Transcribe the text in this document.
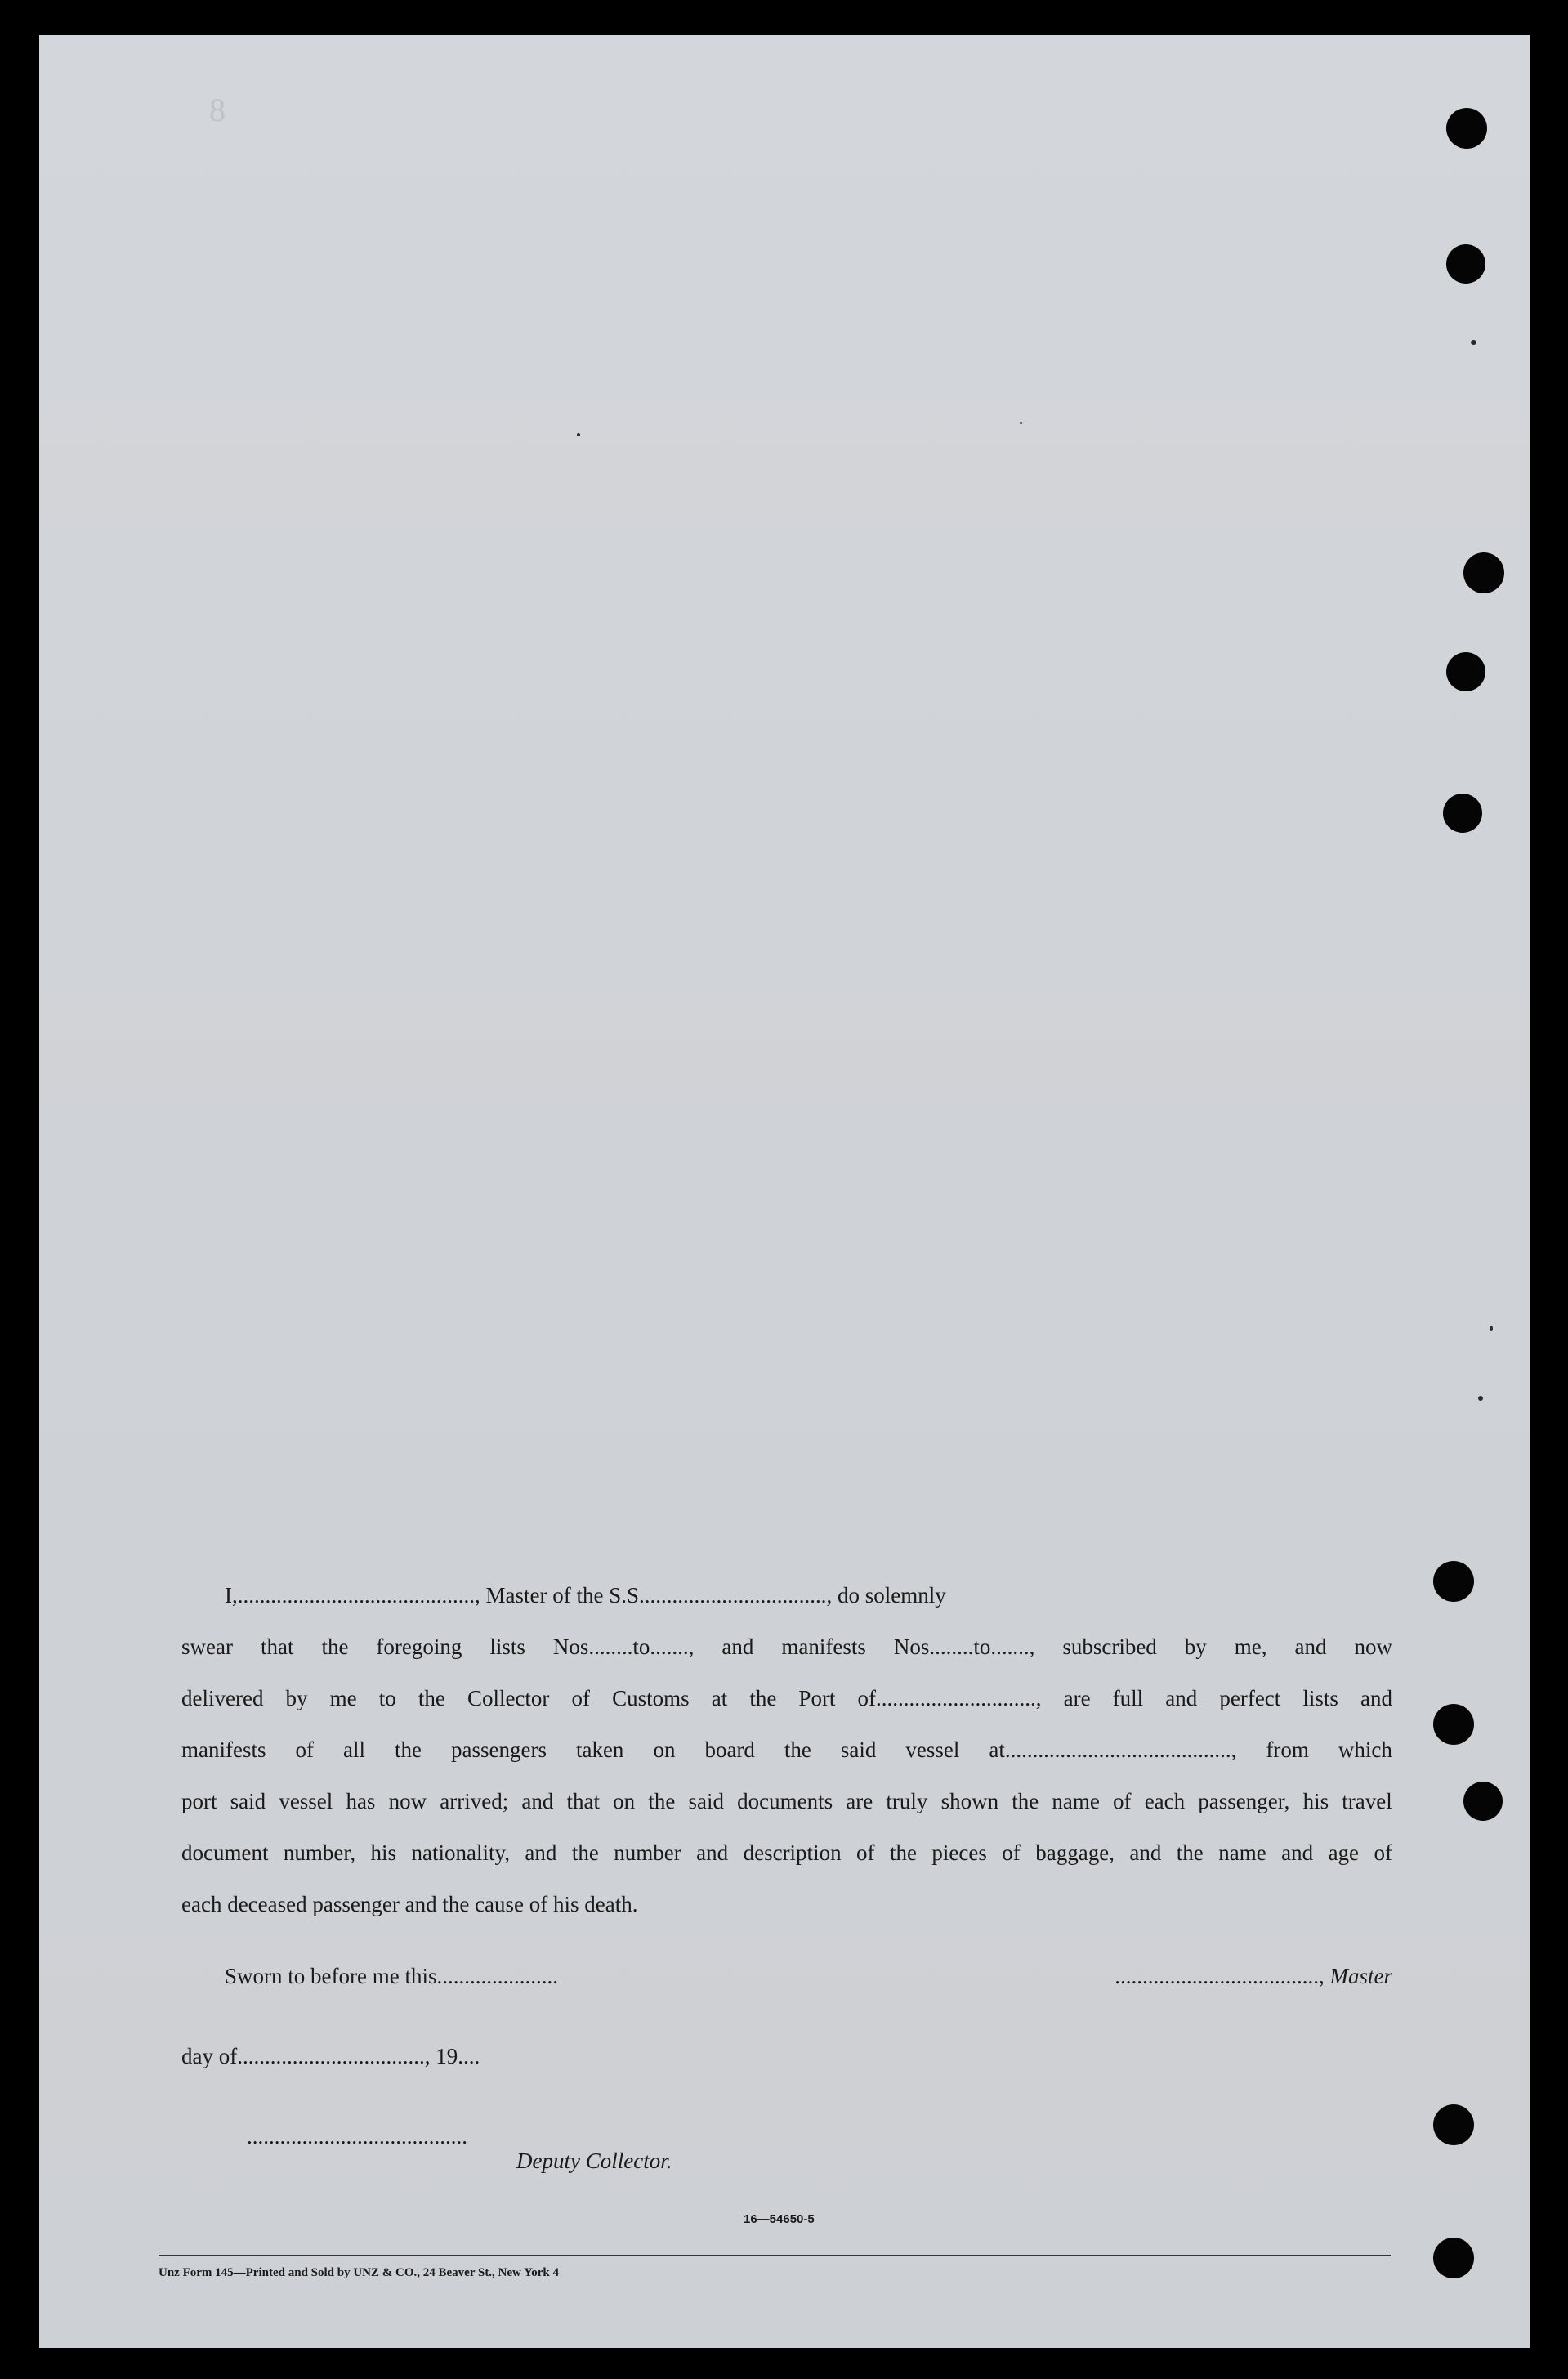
8
I,..........................................., Master of the S.S.................................., do solemnly
swear that the foregoing lists Nos........to......., and manifests Nos........to......., subscribed by me, and now
delivered by me to the Collector of Customs at the Port of............................., are full and perfect lists and
manifests of all the passengers taken on board the said vessel at........................................., from which
port said vessel has now arrived; and that on the said documents are truly shown the name of each passenger, his travel
document number, his nationality, and the number and description of the pieces of baggage, and the name and age of
each deceased passenger and the cause of his death.
Sworn to before me this......................	....................................., Master
day of.................................., 19....
........................................
Deputy Collector.
16—54650-5
Unz Form 145—Printed and Sold by UNZ & CO., 24 Beaver St., New York 4
